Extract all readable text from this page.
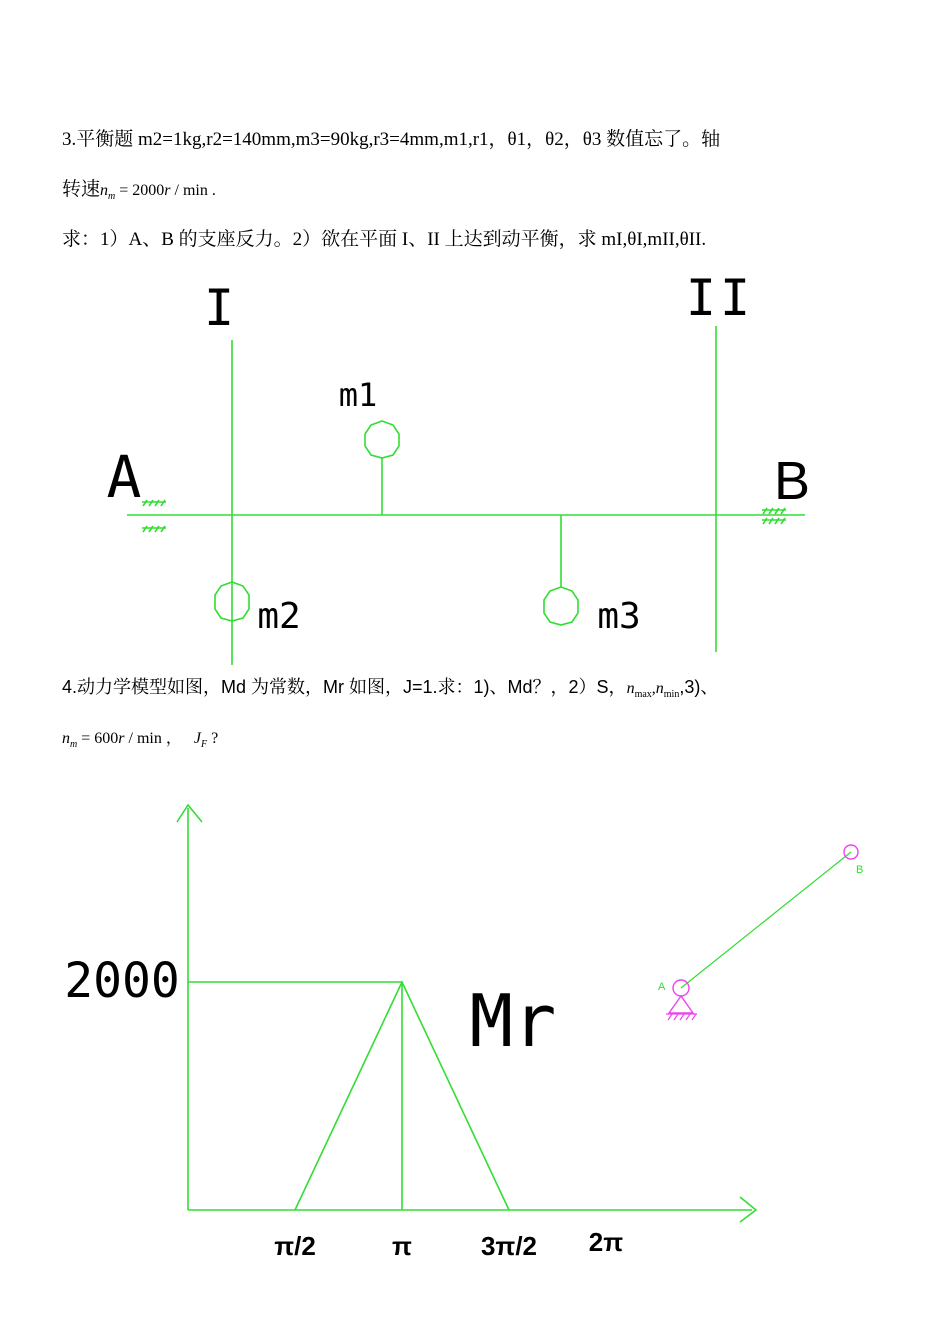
3.平衡题 m2=1kg,r2=140mm,m3=90kg,r3=4mm,m1,r1，θ1，θ2，θ3 数值忘了。轴
转速$n_m = 2000r / \min$ .
求：1）A、B 的支座反力。2）欲在平面 I、II 上达到动平衡，求 mI,θI,mII,θII.
I	II
A	B
m1
m2	m3
4.动力学模型如图，Md 为常数，Mr 如图，J=1.求：1)、Md？，2）S，$n_{max},n_{min},3$)、
$n_m = 600r / \min$ ， $J_F$ ?
2000	Mr
π/2	π	3π/2 2π
A
B
